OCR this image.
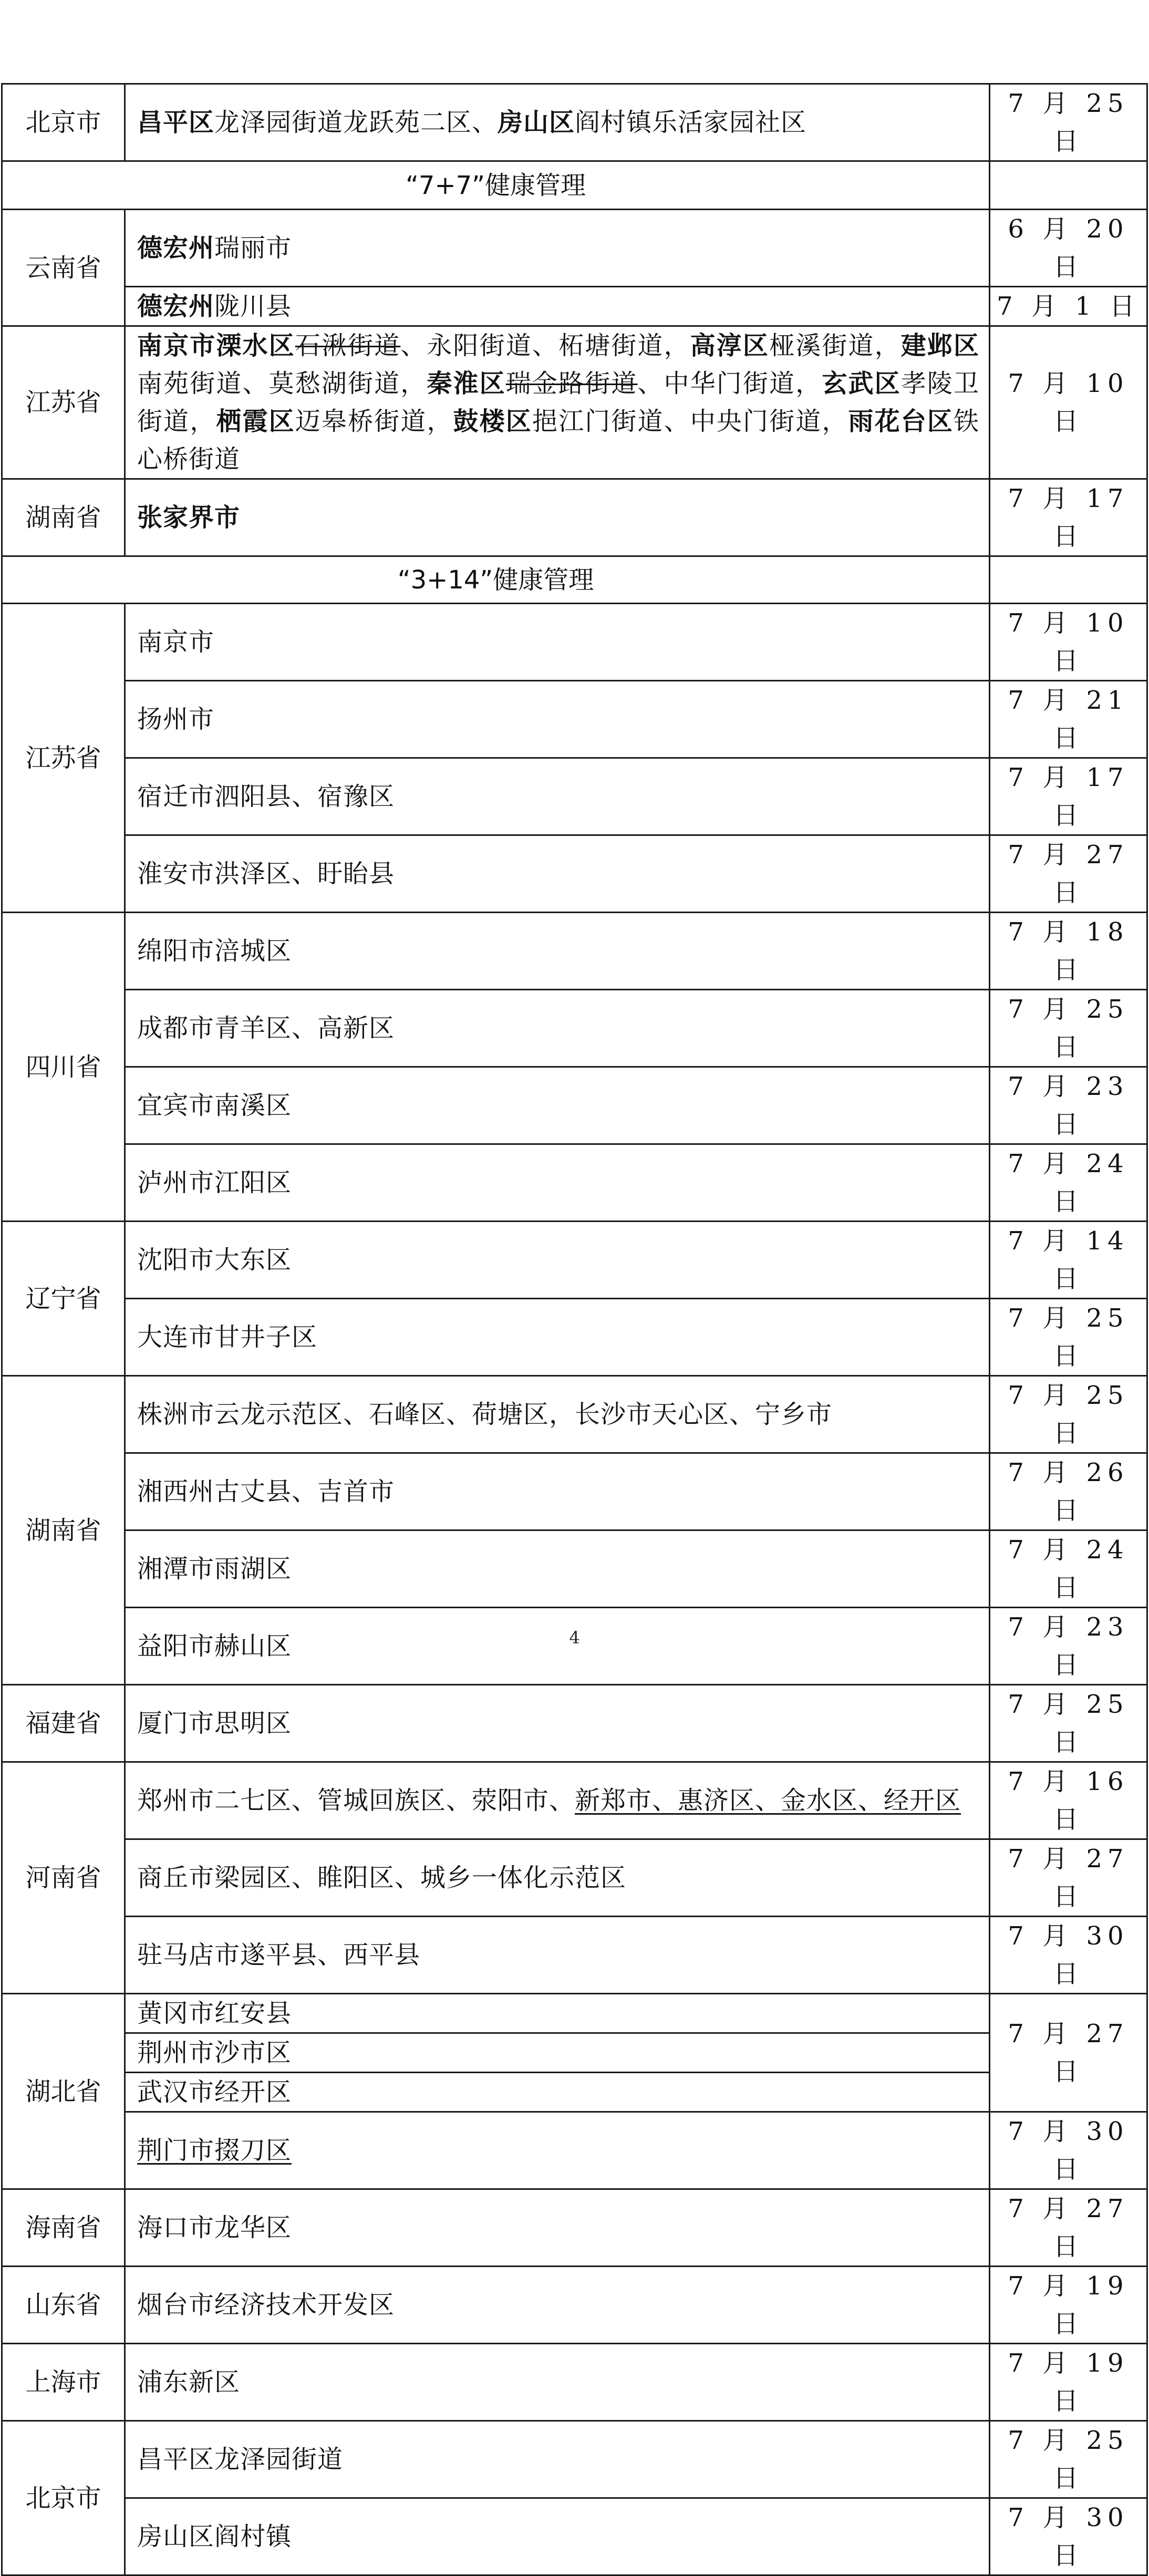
北京市	昌平区龙泽园街道龙跃苑二区、房山区阎村镇乐活家园社区	7 月 25 日
“7+7”健康管理		
云南省	德宏州瑞丽市	6 月 20 日
	德宏州陇川县	7 月 1 日
江苏省	南京市溧水区石湫街道、永阳街道、柘塘街道，高淳区桠溪街道，建邺区南苑街道、莫愁湖街道，秦淮区瑞金路街道、中华门街道，玄武区孝陵卫街道，栖霞区迈皋桥街道，鼓楼区挹江门街道、中央门街道，雨花台区铁心桥街道	7 月 10 日
湖南省	张家界市	7 月 17 日
“3+14”健康管理		
江苏省	南京市	7 月 10 日
	扬州市	7 月 21 日
	宿迁市泗阳县、宿豫区	7 月 17 日
	淮安市洪泽区、盱眙县	7 月 27 日
四川省	绵阳市涪城区	7 月 18 日
	成都市青羊区、高新区	7 月 25 日
	宜宾市南溪区	7 月 23 日
	泸州市江阳区	7 月 24 日
辽宁省	沈阳市大东区	7 月 14 日
	大连市甘井子区	7 月 25 日
湖南省	株洲市云龙示范区、石峰区、荷塘区，长沙市天心区、宁乡市	7 月 25 日
	湘西州古丈县、吉首市	7 月 26 日
	湘潭市雨湖区	7 月 24 日
	益阳市赫山区	7 月 23 日
福建省	厦门市思明区	7 月 25 日
河南省	郑州市二七区、管城回族区、荥阳市、新郑市、惠济区、金水区、经开区	7 月 16 日
	商丘市梁园区、睢阳区、城乡一体化示范区	7 月 27 日
	驻马店市遂平县、西平县	7 月 30 日
湖北省	黄冈市红安县	7 月 27 日
	荆州市沙市区	
	武汉市经开区	
	荆门市掇刀区	7 月 30 日
海南省	海口市龙华区	7 月 27 日
山东省	烟台市经济技术开发区	7 月 19 日
上海市	浦东新区	7 月 19 日
北京市	昌平区龙泽园街道	7 月 25 日
	房山区阎村镇	7 月 30 日
4
